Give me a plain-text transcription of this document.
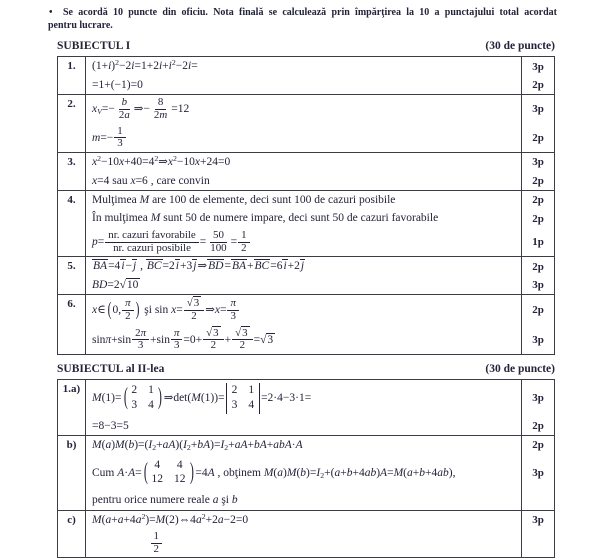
• Se acordă 10 puncte din oficiu. Nota finală se calculează prin împărţirea la 10 a punctajului total acordat
pentru lucrare.
SUBIECTUL I	(30 de puncte)
1.	$(1+i)^2-2i=1+2i+i^2-2i=$	3p
=1+(−1)=0	2p
2.	$x_V=- \frac{b}{2a}$ ⇒− $\frac{8}{2m} =12$	3p
$m=- \frac{1}{3}$	2p
3.	$x^2-10x+40=4^2\Rightarrow x^2-10x+24=0$	3p
x=4 sau x=6 , care convin	2p
4.	Mulţimea M are 100 de elemente, deci sunt 100 de cazuri posibile	2p
În mulţimea M sunt 50 de numere impare, deci sunt 50 de cazuri favorabile	2p
$p= \frac{\text{nr. cazuri favorabile}}{\text{nr. cazuri posibile}} = \frac{50}{100} = \frac{1}{2}$	1p
5.	BA=4i−j , BC=2i+3j⇒BD=BA+BC=6i+2j	2p
BD=2√10	3p
6.	x∈ ( 0, $\frac{\pi}{2}$ ) şi $\sin x= \frac{√3}{2}$ ⇒x= $\frac{\pi}{3}$	2p
$\sin\pi+\sin \frac{2\pi}{3} +\sin \frac{\pi}{3} =0+ \frac{√3}{2} + \frac{√3}{2} =√3$	3p
SUBIECTUL al II-lea	(30 de puncte)
1.a)
M(1)= ( 2 1
3 4 ) ⇒det(M(1))=
2 1
3 4
=2·4−3·1=	3p
=8−3=5	2p
b)	$M(a)M(b)=(I_2+aA)(I_2+bA)=I_2+aA+bA+abA\cdot A$	2p
Cum A·A= ( 4 4
12 12 ) =4A , obţinem $M(a)M(b)=I_2+(a+b+4ab)A=M(a+b+4ab)$,	3p
pentru orice numere reale a şi b
c)	$M(a+a+4a^2)=M(2)\Leftrightarrow 4a^2+2a-2=0$	3p

$\frac{1}{2}$
